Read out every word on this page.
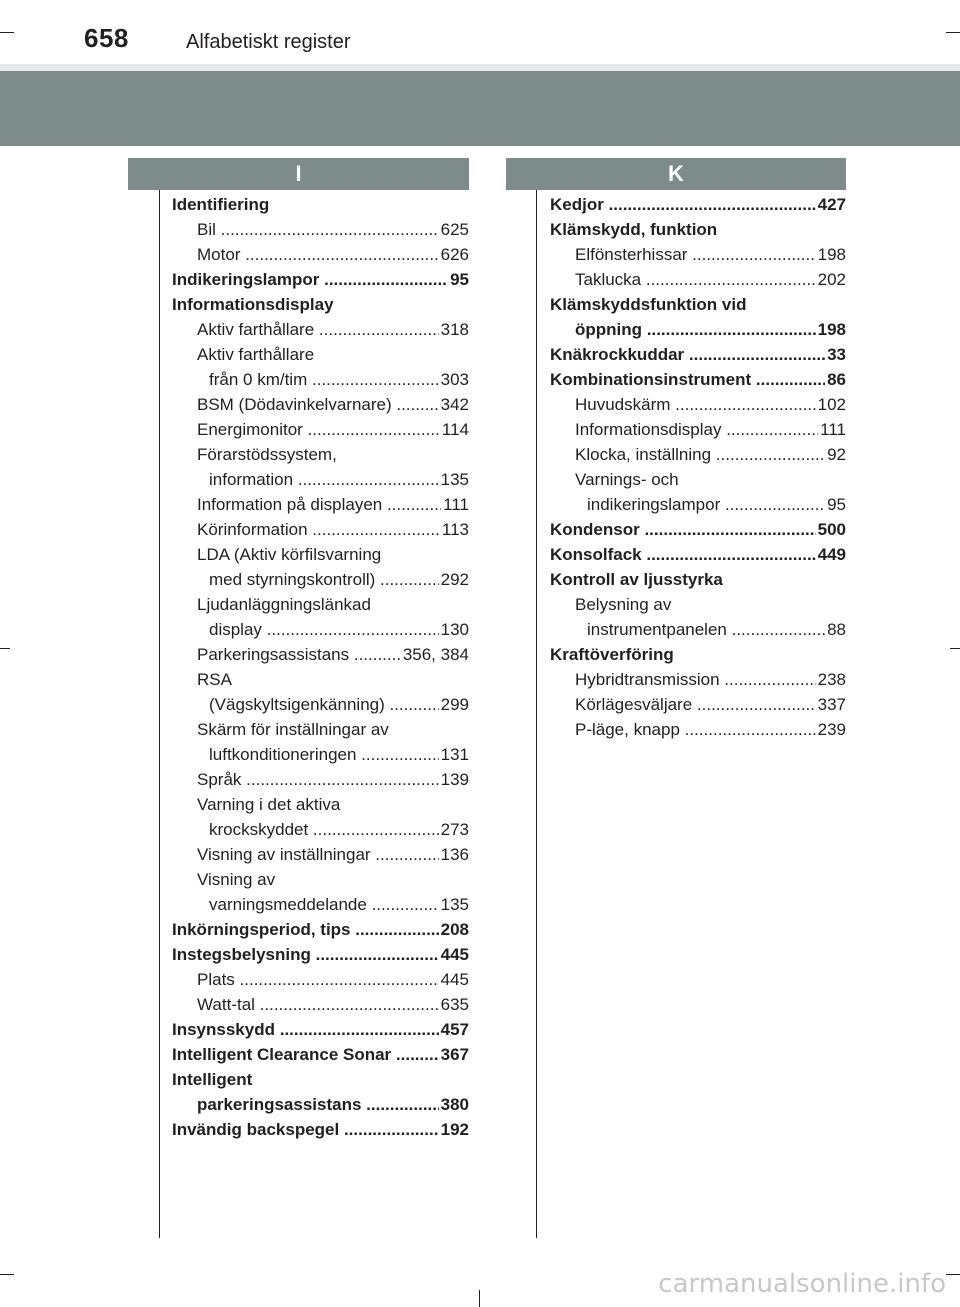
658	Alfabetiskt register
I	K
Identifiering
Bil .....	625
Motor .....	626
Indikeringslampor .....	95
Informationsdisplay
Aktiv farthållare .....	318
Aktiv farthållare
från 0 km/tim .....	303
BSM (Dödavinkelvarnare) .....	342
Energimonitor .....	114
Förarstödssystem,
information .....	135
Information på displayen .....	111
Körinformation .....	113
LDA (Aktiv körfilsvarning
med styrningskontroll) .....	292
Ljudanläggningslänkad
display .....	130
Parkeringsassistans .....	356, 384
RSA
(Vägskyltsigenkänning) .....	299
Skärm för inställningar av
luftkonditioneringen .....	131
Språk .....	139
Varning i det aktiva
krockskyddet .....	273
Visning av inställningar .....	136
Visning av
varningsmeddelande .....	135
Inkörningsperiod, tips .....	208
Instegsbelysning .....	445
Plats .....	445
Watt-tal .....	635
Insynsskydd .....	457
Intelligent Clearance Sonar .....	367
Intelligent
parkeringsassistans .....	380
Invändig backspegel .....	192
Kedjor .....	427
Klämskydd, funktion
Elfönsterhissar .....	198
Taklucka .....	202
Klämskyddsfunktion vid
öppning .....	198
Knäkrockkuddar .....	33
Kombinationsinstrument .....	86
Huvudskärm .....	102
Informationsdisplay .....	111
Klocka, inställning .....	92
Varnings- och
indikeringslampor .....	95
Kondensor .....	500
Konsolfack .....	449
Kontroll av ljusstyrka
Belysning av
instrumentpanelen .....	88
Kraftöverföring
Hybridtransmission .....	238
Körlägesväljare .....	337
P-läge, knapp .....	239
carmanualsonline.info
